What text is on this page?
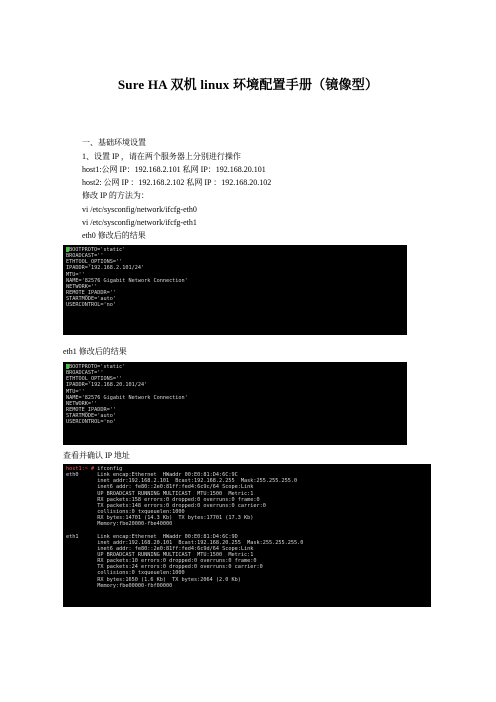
Sure HA 双机 linux 环境配置手册（镜像型）
一、基础环境设置
1、设置 IP ，请在两个服务器上分别进行操作
host1:公网 IP：192.168.2.101 私网 IP：192.168.20.101
host2: 公网 IP ：192.168.2.102 私网 IP ：192.168.20.102
修改 IP 的方法为：
vi /etc/sysconfig/network/ifcfg-eth0
vi /etc/sysconfig/network/ifcfg-eth1
eth0 修改后的结果
BOOTPROTO='static'
BROADCAST=''
ETHTOOL_OPTIONS=''
IPADDR='192.168.2.101/24'
MTU=''
NAME='82576 Gigabit Network Connection'
NETWORK=''
REMOTE_IPADDR=''
STARTMODE='auto'
USERCONTROL='no'
eth1 修改后的结果
BOOTPROTO='static'
BROADCAST=''
ETHTOOL_OPTIONS=''
IPADDR='192.168.20.101/24'
MTU=''
NAME='82576 Gigabit Network Connection'
NETWORK=''
REMOTE_IPADDR=''
STARTMODE='auto'
USERCONTROL='no'
查看并确认 IP 地址
host1:~ # ifconfig
eth0      Link encap:Ethernet  HWaddr 00:E0:81:D4:6C:9C
inet addr:192.168.2.101  Bcast:192.168.2.255  Mask:255.255.255.0
inet6 addr: fe80::2e0:81ff:fed4:6c9c/64 Scope:Link
UP BROADCAST RUNNING MULTICAST  MTU:1500  Metric:1
RX packets:158 errors:0 dropped:0 overruns:0 frame:0
TX packets:148 errors:0 dropped:0 overruns:0 carrier:0
collisions:0 txqueuelen:1000
RX bytes:14701 (14.3 Kb)  TX bytes:17701 (17.3 Kb)
Memory:fbe20000-fbe40000
eth1      Link encap:Ethernet  HWaddr 00:E0:81:D4:6C:9D
inet addr:192.168.20.101  Bcast:192.168.20.255  Mask:255.255.255.0
inet6 addr: fe80::2e0:81ff:fed4:6c9d/64 Scope:Link
UP BROADCAST RUNNING MULTICAST  MTU:1500  Metric:1
RX packets:10 errors:0 dropped:0 overruns:0 frame:0
TX packets:24 errors:0 dropped:0 overruns:0 carrier:0
collisions:0 txqueuelen:1000
RX bytes:1650 (1.6 Kb)  TX bytes:2064 (2.0 Kb)
Memory:fbe00000-fbf00000
